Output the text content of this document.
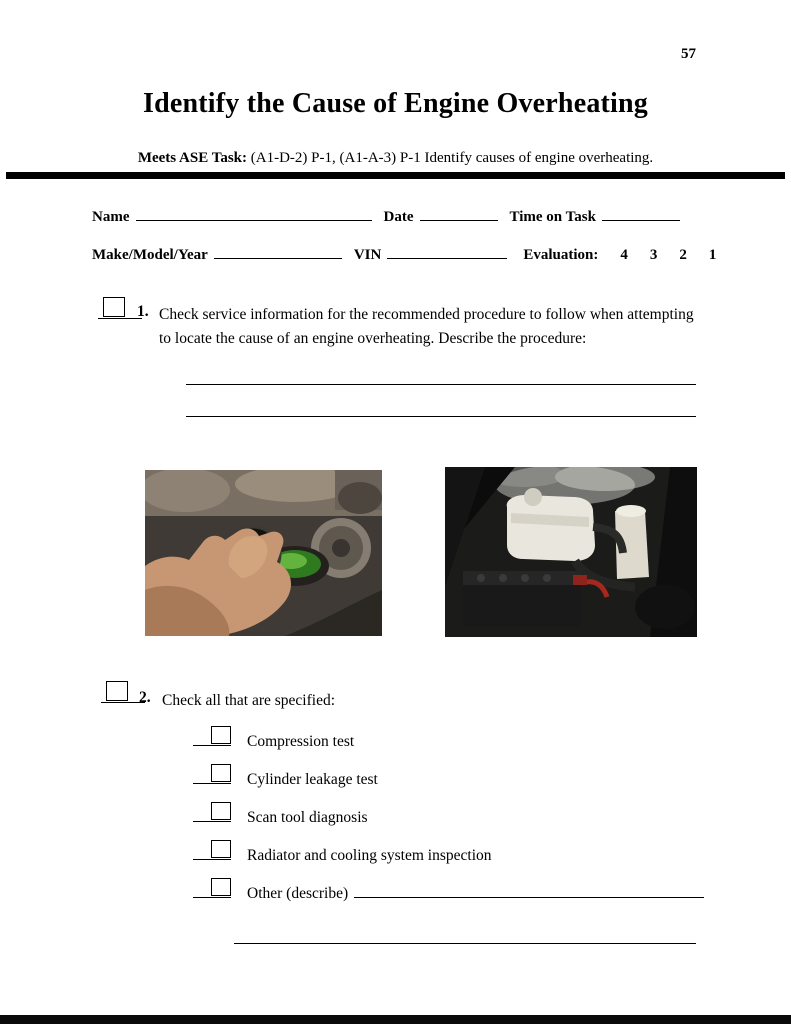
57
Identify the Cause of Engine Overheating
Meets ASE Task: (A1-D-2) P-1, (A1-A-3) P-1 Identify causes of engine overheating.
Name	Date	Time on Task
Make/Model/Year	VIN	Evaluation: 4 3 2 1
1. Check service information for the recommended procedure to follow when attempting to locate the cause of an engine overheating. Describe the procedure:
2. Check all that are specified:
Compression test
Cylinder leakage test
Scan tool diagnosis
Radiator and cooling system inspection
Other (describe)
